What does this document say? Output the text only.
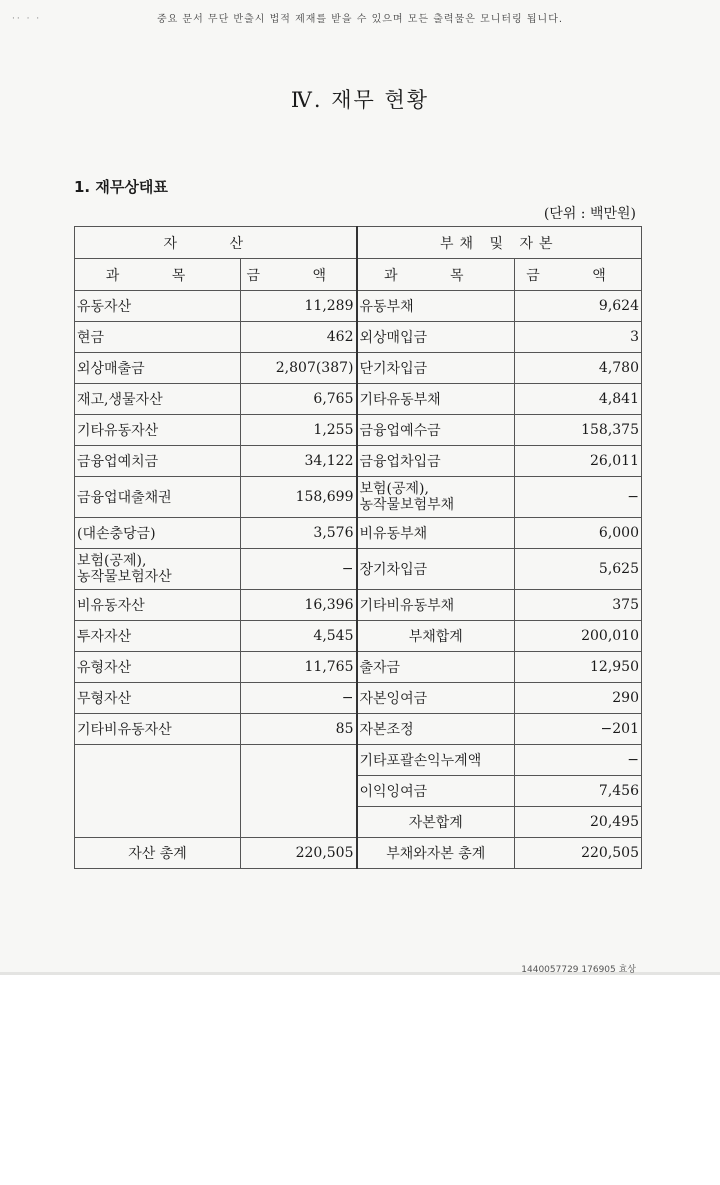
·· · ·	중요 문서 무단 반출시 법적 제재를 받을 수 있으며 모든 출력물은 모니터링 됩니다.
Ⅳ. 재무 현황
1. 재무상태표
(단위 : 백만원)
자 산		부채 및 자본	
과 목	금 액	과 목	금 액
유동자산	11,289	유동부채	9,624
현금	462	외상매입금	3
외상매출금	2,807(387)	단기차입금	4,780
재고,생물자산	6,765	기타유동부채	4,841
기타유동자산	1,255	금융업예수금	158,375
금융업예치금	34,122	금융업차입금	26,011
금융업대출채권	158,699	보험(공제),
농작물보험부채	−
(대손충당금)	3,576	비유동부채	6,000
보험(공제),
농작물보험자산	−	장기차입금	5,625
비유동자산	16,396	기타비유동부채	375
투자자산	4,545	부채합계	200,010
유형자산	11,765	출자금	12,950
무형자산	−	자본잉여금	290
기타비유동자산	85	자본조정	−201
		기타포괄손익누계액	−
		이익잉여금	7,456
		자본합계	20,495
자산 총계	220,505	부채와자본 총계	220,505
1440057729 176905 효상
